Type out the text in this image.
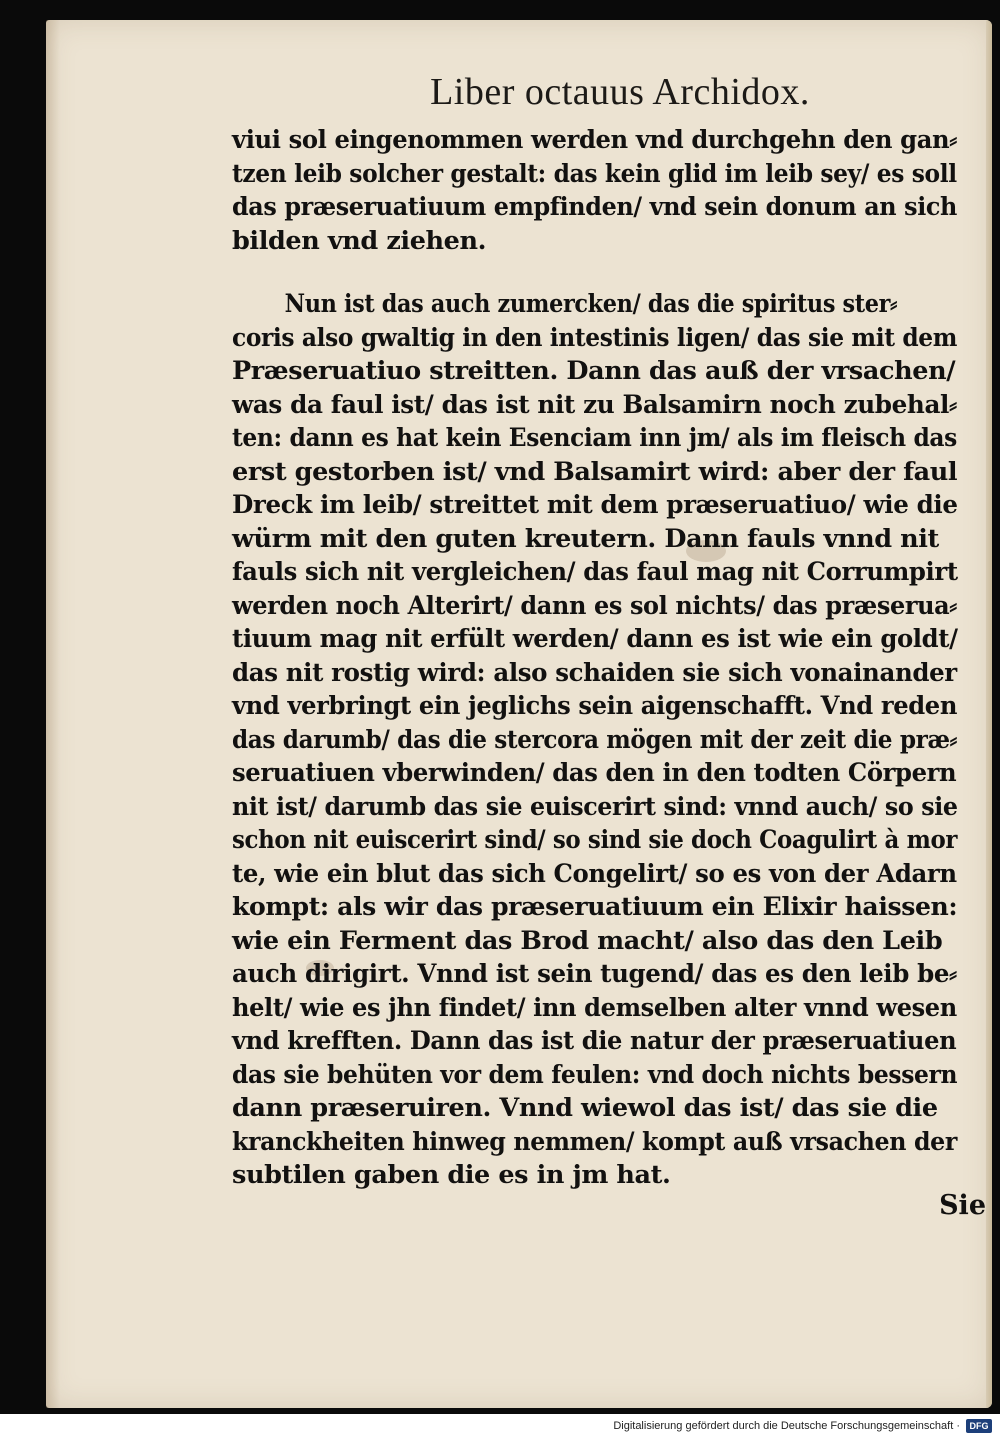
Liber octauus Archidox.
viui sol eingenommen werden vnd durchgehn den gan⸗
tzen leib solcher gestalt: das kein glid im leib sey/ es soll
das præseruatiuum empfinden/ vnd sein donum an sich
bilden vnd ziehen.
Nun ist das auch zumercken/ das die spiritus ster⸗
coris also gwaltig in den intestinis ligen/ das sie mit dem
Præseruatiuo streitten. Dann das auß der vrsachen/
was da faul ist/ das ist nit zu Balsamirn noch zubehal⸗
ten: dann es hat kein Esenciam inn jm/ als im fleisch das
erst gestorben ist/ vnd Balsamirt wird: aber der faul
Dreck im leib/ streittet mit dem præseruatiuo/ wie die
würm mit den guten kreutern. Dann fauls vnnd nit
fauls sich nit vergleichen/ das faul mag nit Corrumpirt
werden noch Alterirt/ dann es sol nichts/ das præserua⸗
tiuum mag nit erfült werden/ dann es ist wie ein goldt/
das nit rostig wird: also schaiden sie sich vonainander
vnd verbringt ein jeglichs sein aigenschafft. Vnd reden
das darumb/ das die stercora mögen mit der zeit die præ⸗
seruatiuen vberwinden/ das den in den todten Cörpern
nit ist/ darumb das sie euiscerirt sind: vnnd auch/ so sie
schon nit euiscerirt sind/ so sind sie doch Coagulirt à mor
te, wie ein blut das sich Congelirt/ so es von der Adarn
kompt: als wir das præseruatiuum ein Elixir haissen:
wie ein Ferment das Brod macht/ also das den Leib
auch dirigirt. Vnnd ist sein tugend/ das es den leib be⸗
helt/ wie es jhn findet/ inn demselben alter vnnd wesen
vnd krefften. Dann das ist die natur der præseruatiuen
das sie behüten vor dem feulen: vnd doch nichts bessern
dann præseruiren. Vnnd wiewol das ist/ das sie die
kranckheiten hinweg nemmen/ kompt auß vrsachen der
subtilen gaben die es in jm hat.
Sie
Digitalisierung gefördert durch die Deutsche Forschungsgemeinschaft ·	DFG
